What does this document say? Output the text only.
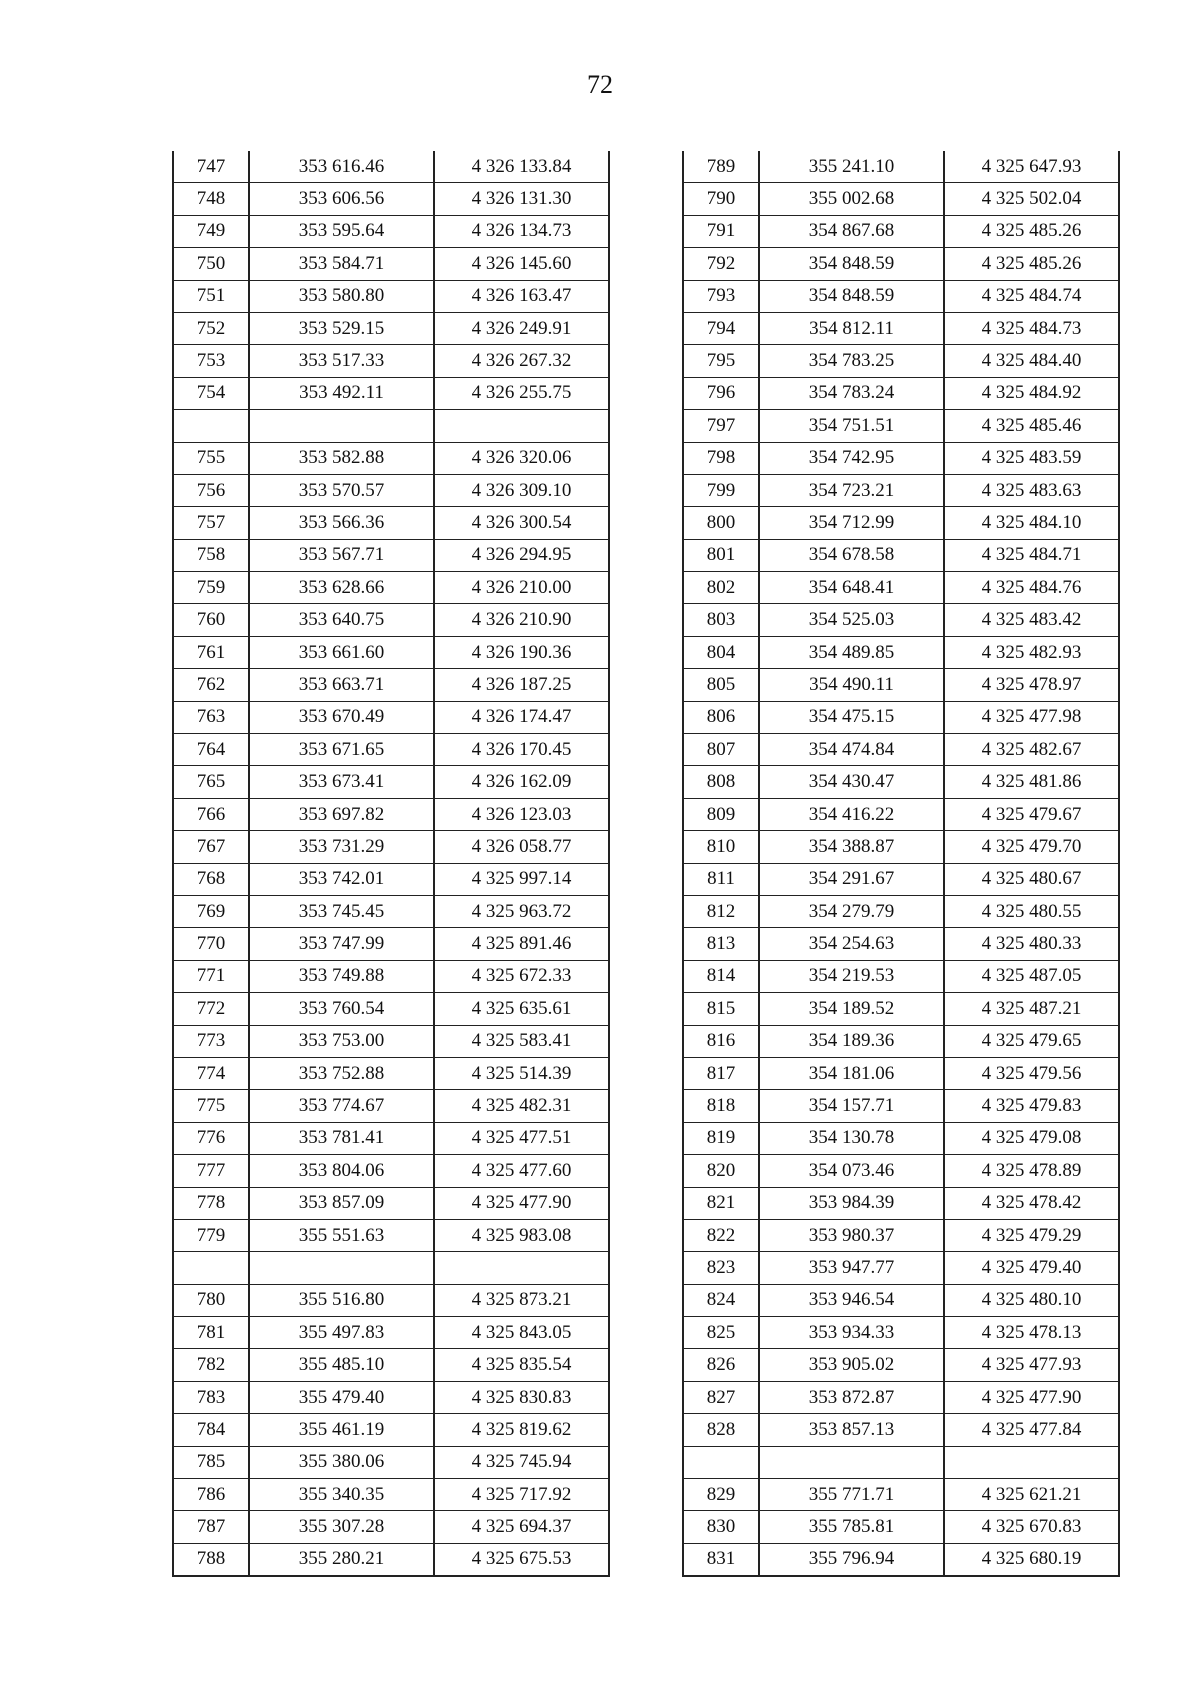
72
747	353 616.46	4 326 133.84
748	353 606.56	4 326 131.30
749	353 595.64	4 326 134.73
750	353 584.71	4 326 145.60
751	353 580.80	4 326 163.47
752	353 529.15	4 326 249.91
753	353 517.33	4 326 267.32
754	353 492.11	4 326 255.75

755	353 582.88	4 326 320.06
756	353 570.57	4 326 309.10
757	353 566.36	4 326 300.54
758	353 567.71	4 326 294.95
759	353 628.66	4 326 210.00
760	353 640.75	4 326 210.90
761	353 661.60	4 326 190.36
762	353 663.71	4 326 187.25
763	353 670.49	4 326 174.47
764	353 671.65	4 326 170.45
765	353 673.41	4 326 162.09
766	353 697.82	4 326 123.03
767	353 731.29	4 326 058.77
768	353 742.01	4 325 997.14
769	353 745.45	4 325 963.72
770	353 747.99	4 325 891.46
771	353 749.88	4 325 672.33
772	353 760.54	4 325 635.61
773	353 753.00	4 325 583.41
774	353 752.88	4 325 514.39
775	353 774.67	4 325 482.31
776	353 781.41	4 325 477.51
777	353 804.06	4 325 477.60
778	353 857.09	4 325 477.90
779	355 551.63	4 325 983.08

780	355 516.80	4 325 873.21
781	355 497.83	4 325 843.05
782	355 485.10	4 325 835.54
783	355 479.40	4 325 830.83
784	355 461.19	4 325 819.62
785	355 380.06	4 325 745.94
786	355 340.35	4 325 717.92
787	355 307.28	4 325 694.37
788	355 280.21	4 325 675.53
789	355 241.10	4 325 647.93
790	355 002.68	4 325 502.04
791	354 867.68	4 325 485.26
792	354 848.59	4 325 485.26
793	354 848.59	4 325 484.74
794	354 812.11	4 325 484.73
795	354 783.25	4 325 484.40
796	354 783.24	4 325 484.92
797	354 751.51	4 325 485.46
798	354 742.95	4 325 483.59
799	354 723.21	4 325 483.63
800	354 712.99	4 325 484.10
801	354 678.58	4 325 484.71
802	354 648.41	4 325 484.76
803	354 525.03	4 325 483.42
804	354 489.85	4 325 482.93
805	354 490.11	4 325 478.97
806	354 475.15	4 325 477.98
807	354 474.84	4 325 482.67
808	354 430.47	4 325 481.86
809	354 416.22	4 325 479.67
810	354 388.87	4 325 479.70
811	354 291.67	4 325 480.67
812	354 279.79	4 325 480.55
813	354 254.63	4 325 480.33
814	354 219.53	4 325 487.05
815	354 189.52	4 325 487.21
816	354 189.36	4 325 479.65
817	354 181.06	4 325 479.56
818	354 157.71	4 325 479.83
819	354 130.78	4 325 479.08
820	354 073.46	4 325 478.89
821	353 984.39	4 325 478.42
822	353 980.37	4 325 479.29
823	353 947.77	4 325 479.40
824	353 946.54	4 325 480.10
825	353 934.33	4 325 478.13
826	353 905.02	4 325 477.93
827	353 872.87	4 325 477.90
828	353 857.13	4 325 477.84

829	355 771.71	4 325 621.21
830	355 785.81	4 325 670.83
831	355 796.94	4 325 680.19
